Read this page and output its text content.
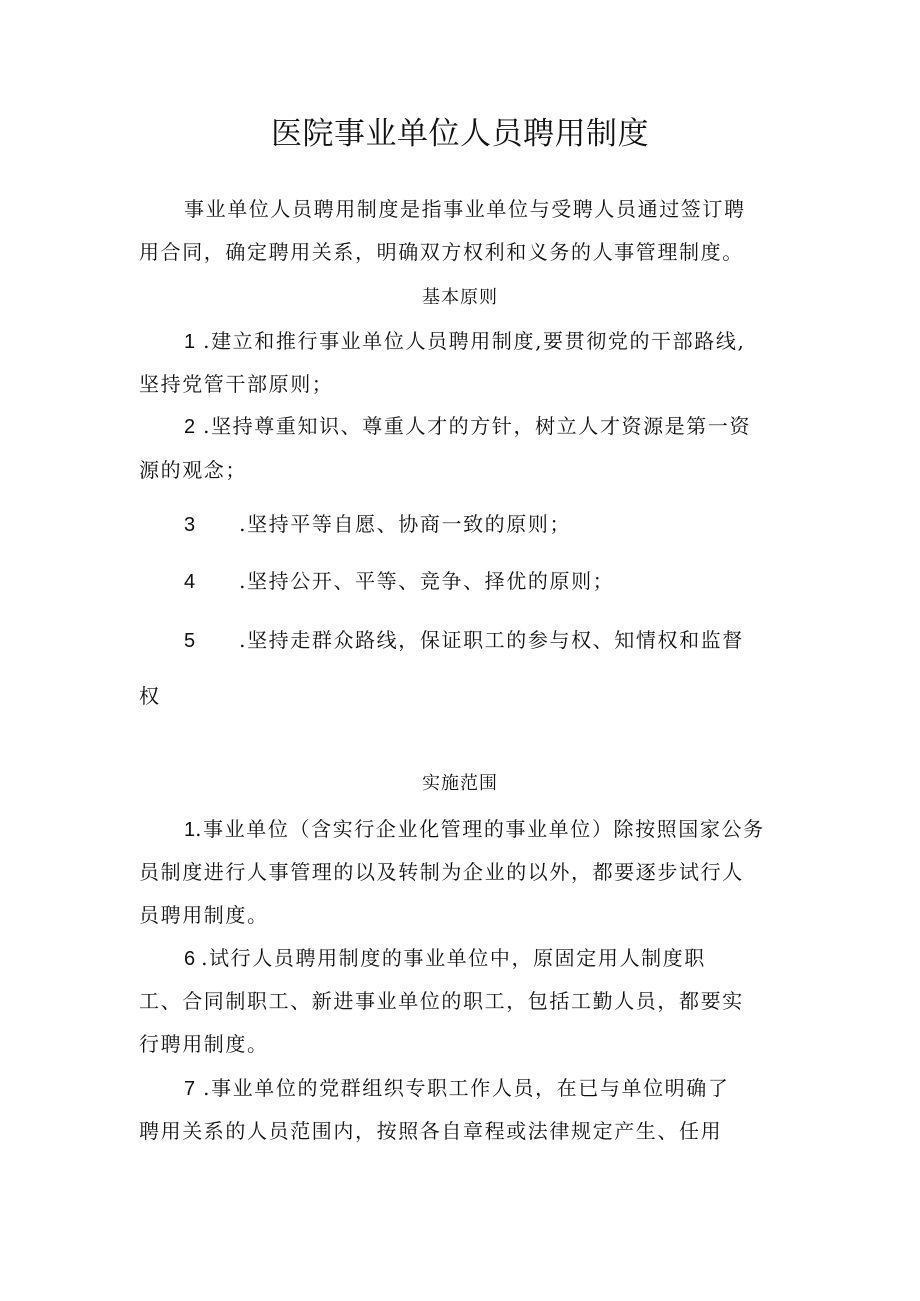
医院事业单位人员聘用制度
事业单位人员聘用制度是指事业单位与受聘人员通过签订聘
用合同，确定聘用关系，明确双方权利和义务的人事管理制度。
基本原则
1 .建立和推行事业单位人员聘用制度,要贯彻党的干部路线,
坚持党管干部原则；
2 .坚持尊重知识、尊重人才的方针，树立人才资源是第一资
源的观念；
3 .坚持平等自愿、协商一致的原则；
4 .坚持公开、平等、竞争、择优的原则；
5 .坚持走群众路线，保证职工的参与权、知情权和监督
权
实施范围
1.事业单位（含实行企业化管理的事业单位）除按照国家公务
员制度进行人事管理的以及转制为企业的以外，都要逐步试行人
员聘用制度。
6 .试行人员聘用制度的事业单位中，原固定用人制度职
工、合同制职工、新进事业单位的职工，包括工勤人员，都要实
行聘用制度。
7 .事业单位的党群组织专职工作人员，在已与单位明确了
聘用关系的人员范围内，按照各自章程或法律规定产生、任用
